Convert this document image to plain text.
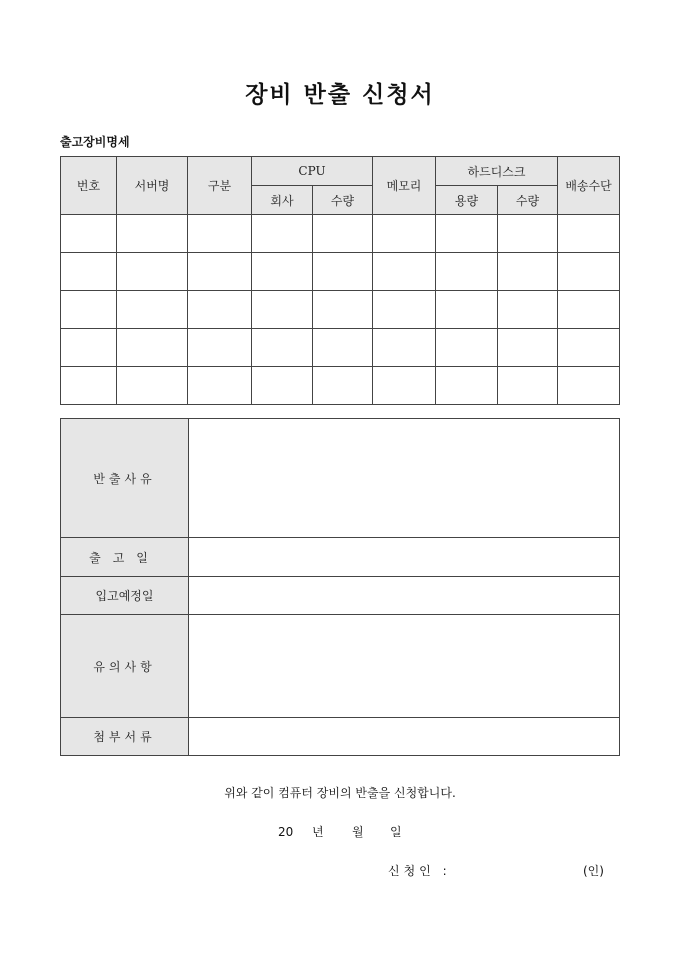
장비 반출 신청서
출고장비명세
번호	서버명	구분	CPU		메모리	하드디스크		배송수단
			회사	수량		용량	수량	

반출사유	
출고일	
입고예정일	
유의사항	
첨부서류	

위와 같이 컴퓨터 장비의 반출을 신청합니다.

20 년 월 일

신청인 :	(인)
